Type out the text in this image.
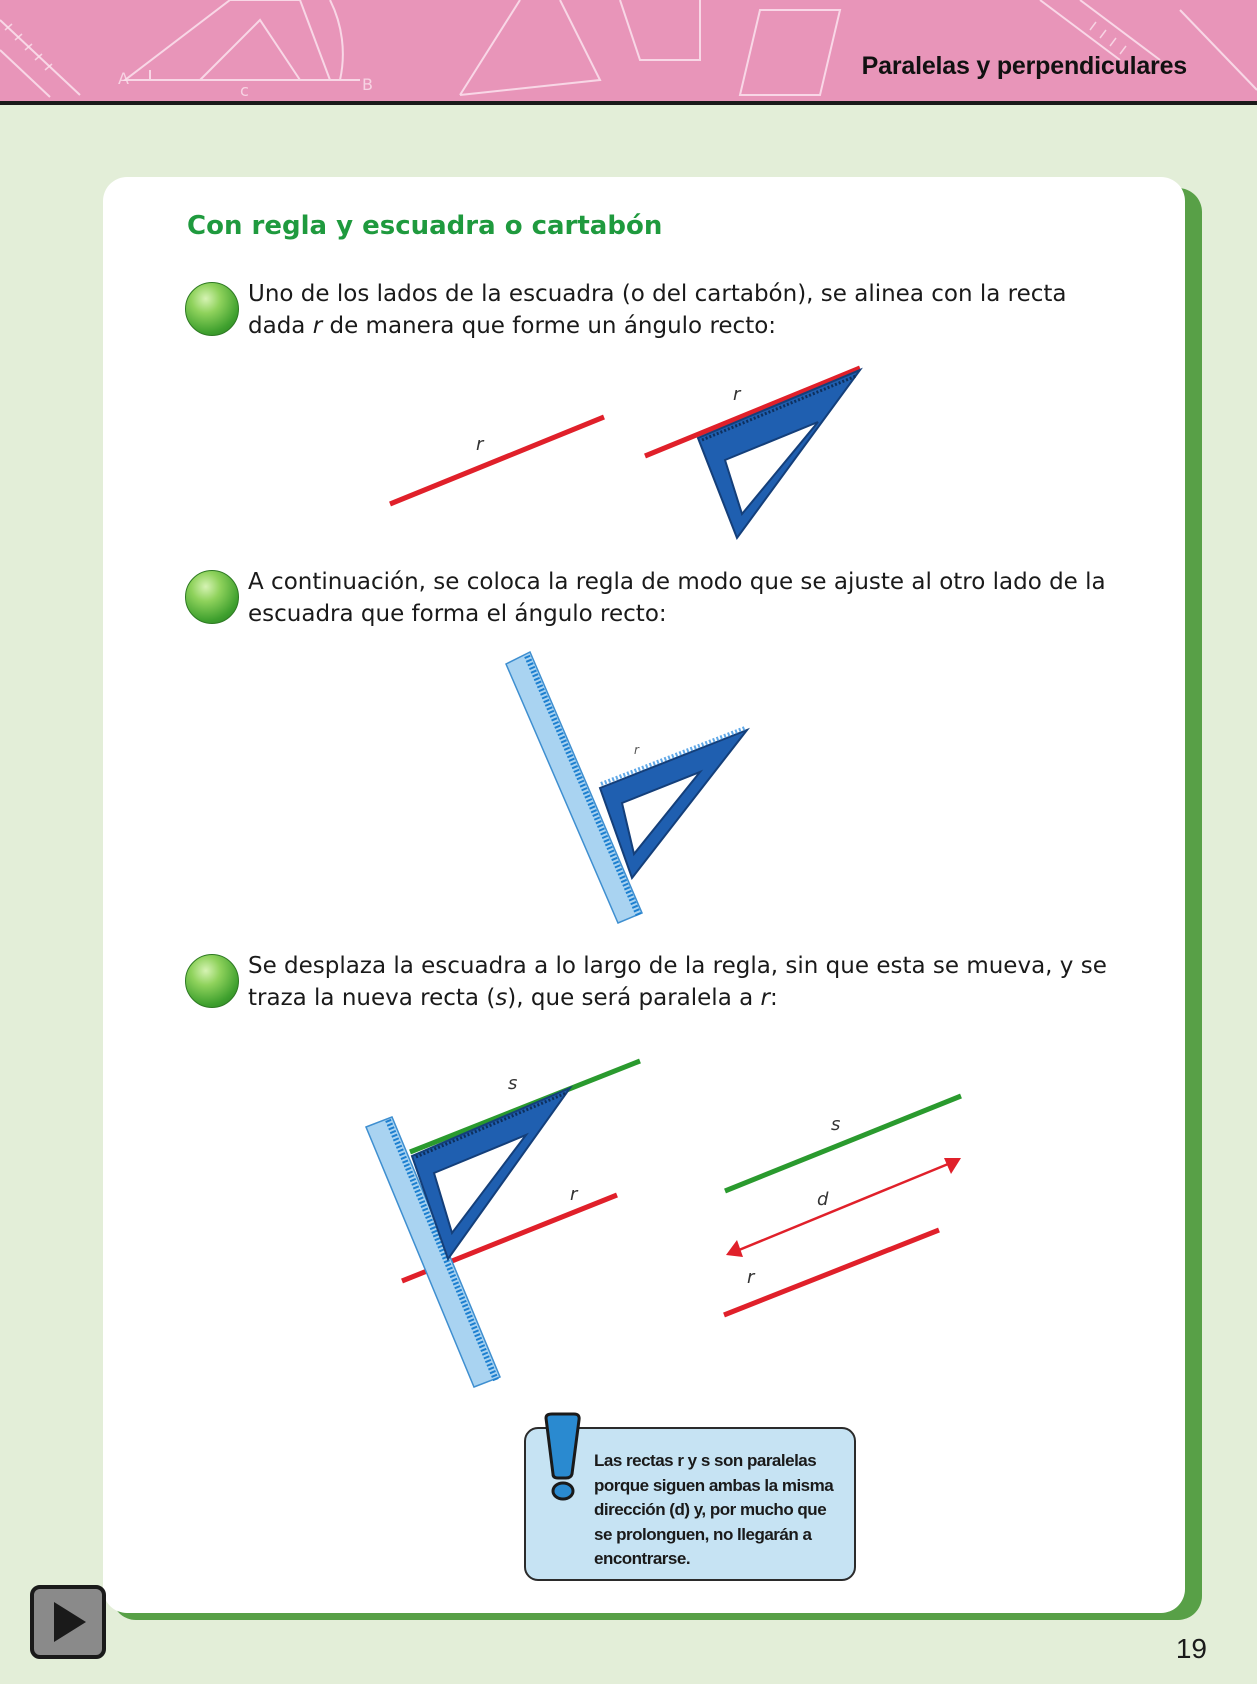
A
c	B
Paralelas y perpendiculares
Con regla y escuadra o cartabón
Uno de los lados de la escuadra (o del cartabón), se alinea con la recta dada r de manera que forme un ángulo recto:
r
r
A continuación, se coloca la regla de modo que se ajuste al otro lado de la escuadra que forma el ángulo recto:
r
Se desplaza la escuadra a lo largo de la regla, sin que esta se mueva, y se traza la nueva recta (s), que será paralela a r:
s
r
s
d
r
Las rectas r y s son paralelas porque siguen ambas la misma dirección (d) y, por mucho que se prolonguen, no llegarán a encontrarse.
19
